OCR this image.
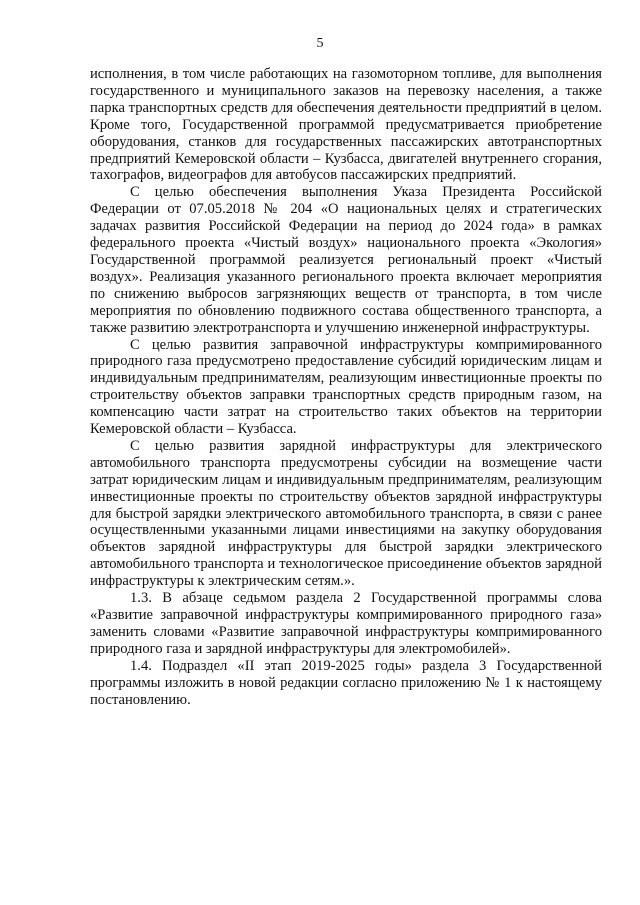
5

исполнения, в том числе работающих на газомоторном топливе, для выполнения государственного и муниципального заказов на перевозку населения, а также парка транспортных средств для обеспечения деятельности предприятий в целом. Кроме того, Государственной программой предусматривается приобретение оборудования, станков для государственных пассажирских автотранспортных предприятий Кемеровской области – Кузбасса, двигателей внутреннего сгорания, тахографов, видеографов для автобусов пассажирских предприятий.

С целью обеспечения выполнения Указа Президента Российской Федерации от 07.05.2018 № 204 «О национальных целях и стратегических задачах развития Российской Федерации на период до 2024 года» в рамках федерального проекта «Чистый воздух» национального проекта «Экология» Государственной программой реализуется региональный проект «Чистый воздух». Реализация указанного регионального проекта включает мероприятия по снижению выбросов загрязняющих веществ от транспорта, в том числе мероприятия по обновлению подвижного состава общественного транспорта, а также развитию электротранспорта и улучшению инженерной инфраструктуры.

С целью развития заправочной инфраструктуры компримированного природного газа предусмотрено предоставление субсидий юридическим лицам и индивидуальным предпринимателям, реализующим инвестиционные проекты по строительству объектов заправки транспортных средств природным газом, на компенсацию части затрат на строительство таких объектов на территории Кемеровской области – Кузбасса.

С целью развития зарядной инфраструктуры для электрического автомобильного транспорта предусмотрены субсидии на возмещение части затрат юридическим лицам и индивидуальным предпринимателям, реализующим инвестиционные проекты по строительству объектов зарядной инфраструктуры для быстрой зарядки электрического автомобильного транспорта, в связи с ранее осуществленными указанными лицами инвестициями на закупку оборудования объектов зарядной инфраструктуры для быстрой зарядки электрического автомобильного транспорта и технологическое присоединение объектов зарядной инфраструктуры к электрическим сетям.».

1.3. В абзаце седьмом раздела 2 Государственной программы слова «Развитие заправочной инфраструктуры компримированного природного газа» заменить словами «Развитие заправочной инфраструктуры компримированного природного газа и зарядной инфраструктуры для электромобилей».

1.4. Подраздел «II этап 2019-2025 годы» раздела 3 Государственной программы изложить в новой редакции согласно приложению № 1 к настоящему постановлению.
